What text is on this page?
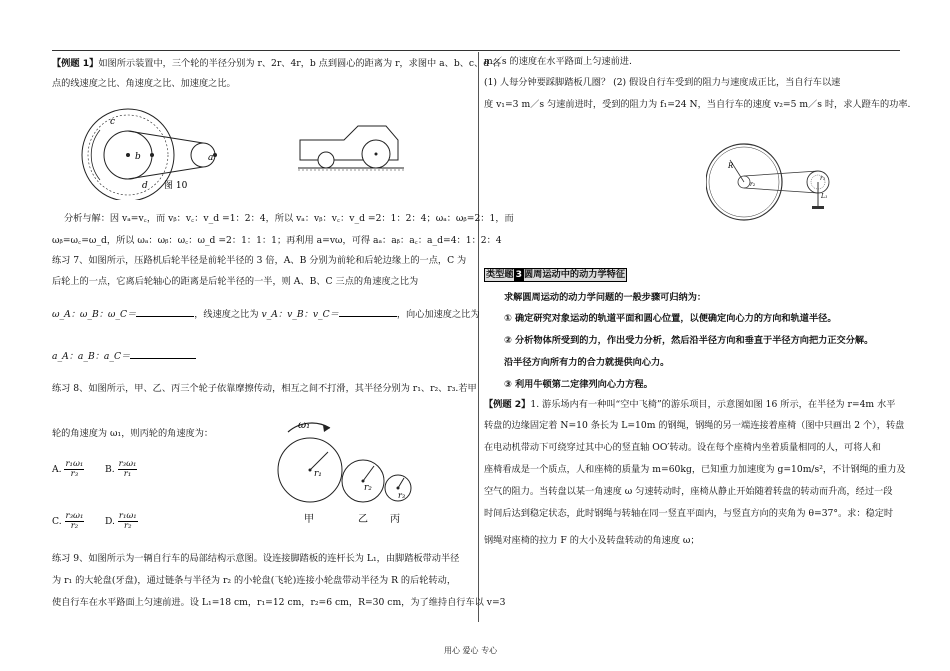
【例题 1】如图所示装置中，三个轮的半径分别为 r、2r、4r，b 点到圆心的距离为 r，求图中 a、b、c、d 各
点的线速度之比、角速度之比、加速度之比。
c
b	a
d 图 10
分析与解：因 vₐ=v꜀，而 vᵦ：v꜀：v_d =1：2：4，所以 vₐ：vᵦ：v꜀：v_d =2：1：2：4；ωₐ：ωᵦ=2：1，而
ωᵦ=ω꜀=ω_d，所以 ωₐ：ωᵦ：ω꜀：ω_d =2：1：1：1；再利用 a=vω，可得 aₐ：aᵦ：a꜀：a_d=4：1：2：4
练习 7、如图所示，压路机后轮半径是前轮半径的 3 倍，A、B 分别为前轮和后轮边缘上的一点，C 为
后轮上的一点，它离后轮轴心的距离是后轮半径的一半，则 A、B、C 三点的角速度之比为
ω_A：ω_B：ω_C＝	，线速度之比为 v_A：v_B：v_C＝	，向心加速度之比为
a_A：a_B：a_C＝
练习 8、如图所示，甲、乙、丙三个轮子依靠摩擦传动，相互之间不打滑，其半径分别为 r₁、r₂、r₃.若甲
轮的角速度为 ω₁，则丙轮的角速度为：
A. $\frac{\text{r₁ω₁}}{\text{r₃}} B$. $\frac{\text{r₃ω₁}}{\text{r₁}}$
C. $\frac{\text{r₃ω₁}}{\text{r₂}} D$. $\frac{\text{r₁ω₁}}{\text{r₂}}$
ω₁
r₁
r₂
r₃
甲	乙 丙
练习 9、如图所示为一辆自行车的局部结构示意图。设连接脚踏板的连杆长为 L₁，由脚踏板带动半径
为 r₁ 的大轮盘(牙盘)，通过链条与半径为 r₂ 的小轮盘(飞轮)连接小轮盘带动半径为 R 的后轮转动，
使自行车在水平路面上匀速前进。设 L₁=18 cm，r₁=12 cm，r₂=6 cm，R=30 cm，为了维持自行车以 v=3
m／s 的速度在水平路面上匀速前进.
(1) 人每分钟要踩脚踏板几圈？ (2) 假设自行车受到的阻力与速度成正比，当自行车以速
度 v₁=3 m／s 匀速前进时，受到的阻力为 f₁=24 N，当自行车的速度 v₂=5 m／s 时，求人蹬车的功率.
R
r₁
r₂
L₁
类型题 3 圆周运动中的动力学特征
求解圆周运动的动力学问题的一般步骤可归纳为：
① 确定研究对象运动的轨道平面和圆心位置，以便确定向心力的方向和轨道半径。
② 分析物体所受到的力，作出受力分析，然后沿半径方向和垂直于半径方向把力正交分解。
沿半径方向所有力的合力就提供向心力。
③ 利用牛顿第二定律列向心力方程。
【例题 2】1. 游乐场内有一种叫“空中飞椅”的游乐项目，示意图如图 16 所示，在半径为 r=4m 水平
转盘的边缘固定着 N=10 条长为 L=10m 的钢绳，钢绳的另一端连接着座椅（图中只画出 2 个），转盘
在电动机带动下可绕穿过其中心的竖直轴 OO′转动。设在每个座椅内坐着质量相同的人，可将人和
座椅看成是一个质点，人和座椅的质量为 m=60kg，已知重力加速度为 g=10m/s²，不计钢绳的重力及
空气的阻力。当转盘以某一角速度 ω 匀速转动时，座椅从静止开始随着转盘的转动而升高，经过一段
时间后达到稳定状态，此时钢绳与转轴在同一竖直平面内，与竖直方向的夹角为 θ=37°。求：稳定时
钢绳对座椅的拉力 F 的大小及转盘转动的角速度 ω；
用心 爱心 专心
